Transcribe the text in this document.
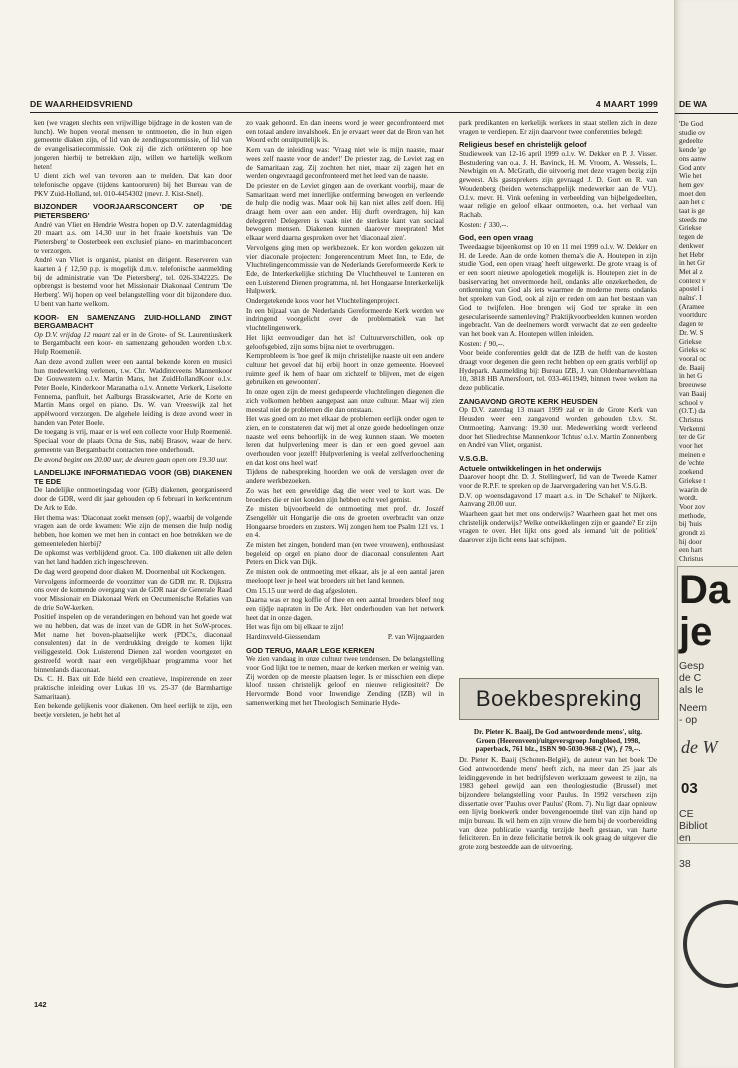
DE WAARHEIDSVRIEND	4 MAART 1999

ken (we vragen slechts een vrijwillige bijdrage in de kosten van de lunch). We hopen veoral mensen te ontmoeten, die in hun eigen gemeente diaken zijn, of lid van de zendingscommissie, of lid van de evangelisatiecommissie. Ook zij die zich oriënteren op hoe jongeren hierbij te betrekken zijn, willen we hartelijk welkom heten!

U dient zich wel van tevoren aan te melden. Dat kan door telefonische opgave (tijdens kantooruren) bij het Bureau van de PKV Zuid-Holland, tel. 010-4454302 (mevr. J. Kist-Snel).

BIJZONDER VOORJAARSCONCERT OP 'DE PIETERSBERG'

André van Vliet en Hendrie Westra hopen op D.V. zaterdagmiddag 20 maart a.s. om 14.30 uur in het fraaie koetshuis van 'De Pietersberg' te Oosterbeek een exclusief piano- en marimbaconcert te verzorgen.

André van Vliet is organist, pianist en dirigent. Reserveren van kaarten à ƒ 12,50 p.p. is mogelijk d.m.v. telefonische aanmelding bij de administratie van 'De Pietersberg', tel. 026-3342225. De opbrengst is bestemd voor het Missionair Diakonaal Centrum 'De Herberg'. Wij hopen op veel belangstelling voor dit bijzondere duo. U bent van harte welkom.

KOOR- EN SAMENZANG ZUID-HOLLAND ZINGT BERGAMBACHT

Op D.V. vrijdag 12 maart zal er in de Grote- of St. Laurentiuskerk te Bergambacht een koor- en samenzang gehouden worden t.b.v. Hulp Roemenië.

Aan deze avond zullen weer een aantal bekende koren en musici hun medewerking verlenen, t.w. Chr. Waddinxveens Mannenkoor De Gouwestem o.l.v. Martin Mans, het ZuidHollandKoor o.l.v. Peter Boele, Kinderkoor Maranatha o.l.v. Annette Verkerk, Liselotte Fennema, panfluit, het Aalburgs Brasskwartet, Arie de Korte en Martin Mans orgel en piano. Ds. W. van Vreeswijk zal het appèlwoord verzorgen. De algehele leiding is deze avond weer in handen van Peter Boele.

De toegang is vrij, maar er is wel een collecte voor Hulp Roemenië. Speciaal voor de plaats Ocna de Sus, nabij Brasov, waar de herv. gemeente van Bergambacht contacten mee onderhoudt.

De avond begint om 20.00 uur, de deuren gaan open om 19.30 uur.

LANDELIJKE INFORMATIEDAG VOOR (GB) DIAKENEN TE EDE

De landelijke ontmoetingsdag voor (GB) diakenen, georganiseerd door de GDR, werd dit jaar gehouden op 6 februari in kerkcentrum De Ark te Ede.

Het thema was: 'Diaconaat zoekt mensen (op)', waarbij de volgende vragen aan de orde kwamen: Wie zijn de mensen die hulp nodig hebben, hoe komen we met hen in contact en hoe betrekken we de gemeenteleden hierbij?

De opkomst was verblijdend groot. Ca. 100 diakenen uit alle delen van het land hadden zich ingeschreven.

De dag werd geopend door diaken M. Doornenbal uit Kockengen.

Vervolgens informeerde de voorzitter van de GDR mr. R. Dijkstra ons over de komende overgang van de GDR naar de Generale Raad voor Missionair en Diakonaal Werk en Oecumenische Relaties van de drie SoW-kerken.

Positief inspelen op de veranderingen en behoud van het goede wat we nu hebben, dat was de inzet van de GDR in het SoW-proces. Met name het boven-plaatselijke werk (PDC's, diaconaal consulenten) dat in de verdrukking dreigde te komen lijkt veiliggesteld. Ook Luisterend Dienen zal worden voortgezet en gestreefd wordt naar een vergelijkbaar programma voor het binnenlands diaconaat.

Ds. C. H. Bax uit Ede hield een creatieve, inspirerende en zeer praktische inleiding over Lukas 10 vs. 25-37 (de Barmhartige Samaritaan).

Een bekende gelijkenis voor diakenen. Om heel eerlijk te zijn, een beetje versleten, je hebt het al

zo vaak gehoord. En dan ineens word je weer geconfronteerd met een totaal andere invalshoek. En je ervaart weer dat de Bron van het Woord echt onuitputtelijk is.

Kern van de inleiding was: 'Vraag niet wie is mijn naaste, maar wees zelf naaste voor de ander!' De priester zag, de Leviet zag en de Samaritaan zag. Zij zochten het niet, maar zij zagen het en werden ongevraagd geconfronteerd met het leed van de naaste.

De priester en de Leviet gingen aan de overkant voorbij, maar de Samaritaan werd met innerlijke ontferming bewogen en verleende de hulp die nodig was. Maar ook hij kan niet alles zelf doen. Hij draagt hem over aan een ander. Hij durft overdragen, hij kan delegeren! Delegeren is vaak niet de sterkste kant van sociaal bewogen mensen. Diakenen kunnen daarover meepraten! Met elkaar werd daarna gesproken over het 'diaconaal zien'.

Vervolgens ging men op werkbezoek. Er kon worden gekozen uit vier diaconale projecten: Jongerencentrum Meet Inn, te Ede, de Vluchtelingencommissie van de Nederlands Gereformeerde Kerk te Ede, de Interkerkelijke stichting De Vluchtheuvel te Lunteren en een Luisterend Dienen programma, nl. het Hongaarse Interkerkelijk Hulpwerk.

Ondergetekende koos voor het Vluchtelingenproject.

In een bijzaal van de Nederlands Gereformeerde Kerk werden we indringend voorgelicht over de problematiek van het vluchtelingenwerk.

Het lijkt eenvoudiger dan het is! Cultuurverschillen, ook op geloofsgebied, zijn soms bijna niet te overbruggen.

Kernprobleem is 'hoe geef ik mijn christelijke naaste uit een andere cultuur het gevoel dat hij erbij hoort in onze gemeente. Hoeveel ruimte geef ik hem of haar om zichzelf te blijven, met de eigen gebruiken en gewoonten'.

In onze ogen zijn de meest gedupeerde vluchtelingen diegenen die zich volkomen hebben aangepast aan onze cultuur. Maar wij zien meestal niet de problemen die dan ontstaan.

Het was goed om zo met elkaar de problemen eerlijk onder ogen te zien, en te constateren dat wij met al onze goede bedoelingen onze naaste wel eens behoorlijk in de weg kunnen staan. We moeten leren dat hulpverlening meer is dan er een goed gevoel aan overhouden voor jezelf! Hulpverlening is veelal zelfverloochening en dat kost ons heel wat!

Tijdens de nabespreking hoorden we ook de verslagen over de andere werkbezoeken.

Zo was het een geweldige dag die weer veel te kort was. De broeders die er niet konden zijn hebben echt veel gemist.

Ze misten bijvoorbeeld de ontmoeting met prof. dr. Joszéf Zsengellér uit Hongarije die ons de groeten overbracht van onze Hongaarse broeders en zusters. Wij zongen hem toe Psalm 121 vs. 1 en 4.

Ze misten het zingen, honderd man (en twee vrouwen), enthousiast begeleid op orgel en piano door de diaconaal consulenten Aart Peters en Dick van Dijk.

Ze misten ook de ontmoeting met elkaar, als je al een aantal jaren meeloopt leer je heel wat broeders uit het land kennen.

Om 15.15 uur werd de dag afgesloten.

Daarna was er nog koffie of thee en een aantal broeders bleef nog een tijdje napraten in De Ark. Het onderhouden van het netwerk heet dat in onze dagen.

Het was fijn om bij elkaar te zijn!

Hardinxveld-Giessendam	P. van Wijngaarden
GOD TERUG, MAAR LEGE KERKEN

We zien vandaag in onze cultuur twee tendensen. De belangstelling voor God lijkt toe te nemen, maar de kerken merken er weinig van. Zij worden op de meeste plaatsen leger. Is er misschien een diepe kloof tussen christelijk geloof en nieuwe religiositeit? De Hervormde Bond voor Inwendige Zending (IZB) wil in samenwerking met het Theologisch Seminarie Hyde-

park predikanten en kerkelijk werkers in staat stellen zich in deze vragen te verdiepen. Er zijn daarvoor twee conferenties belegd:

Religieus besef en christelijk geloof

Studieweek van 12-16 april 1999 o.l.v. W. Dekker en P. J. Visser. Bestudering van o.a. J. H. Bavinck, H. M. Vroom, A. Wessels, L. Newbigin en A. McGrath, die uitvoerig met deze vragen bezig zijn geweest. Als gastsprekers zijn gevraagd J. D. Gort en R. van Woudenberg (beiden wetenschappelijk medewerker aan de VU). O.l.v. mevr. H. Vink oefening in verbeelding van bijbelgedeelten, waar religie en geloof elkaar ontmoeten, o.a. het verhaal van Rachab.

Kosten: ƒ 330,--.

God, een open vraag

Tweedaagse bijeenkomst op 10 en 11 mei 1999 o.l.v. W. Dekker en H. de Leede. Aan de orde komen thema's die A. Houtepen in zijn studie 'God, een open vraag' heeft uitgewerkt. De grote vraag is of er een soort nieuwe apologetiek mogelijk is. Houtepen ziet in de basiservaring het onvermoede heil, ondanks alle onzekerheden, de ontkenning van God als iets waarmee de moderne mens ondanks het spreken van God, ook al zijn er reden om aan het bestaan van God te twijfelen. Hoe brengen wij God ter sprake in een geseculariseerde samenleving? Praktijkvoorbeelden kunnen worden ingebracht. Van de deelnemers wordt verwacht dat ze een gedeelte van het boek van A. Houtepen willen inleiden.

Kosten: ƒ 90,--.

Voor beide conferenties geldt dat de IZB de helft van de kosten draagt voor degenen die geen recht hebben op een gratis verblijf op Hydepark. Aanmelding bij: Bureau IZB, J. van Oldenbarneveltlaan 10, 3818 HB Amersfoort, tel. 033-4611949, binnen twee weken na deze publicatie.

ZANGAVOND GROTE KERK HEUSDEN

Op D.V. zaterdag 13 maart 1999 zal er in de Grote Kerk van Heusden weer een zangavond worden gehouden t.b.v. St. Ontmoeting. Aanvang: 19.30 uur. Medewerking wordt verleend door het Sliedrechtse Mannenkoor 'Ichtus' o.l.v. Martin Zonnenberg en André van Vliet, organist.

V.S.G.B.
Actuele ontwikkelingen in het onderwijs

Daarover hoopt dhr. D. J. Stellingwerf, lid van de Tweede Kamer voor de R.P.F. te spreken op de Jaarvergadering van het V.S.G.B.

D.V. op woensdagavond 17 maart a.s. in 'De Schakel' te Nijkerk. Aanvang 20.00 uur.

Waarheen gaat het met ons onderwijs? Waarheen gaat het met ons christelijk onderwijs? Welke ontwikkelingen zijn er gaande? Er zijn vragen te over. Het lijkt ons goed als iemand 'uit de politiek' daarover zijn licht eens laat schijnen.

Boekbespreking

Dr. Pieter K. Baaij, De God antwoordende mens', uitg. Groen (Heerenveen)/uitgeversgroep Jongbloed, 1998, paperback, 761 blz., ISBN 90-5030-968-2 (W), ƒ 79,--.

Dr. Pieter K. Baaij (Schoten-België), de auteur van het boek 'De God antwoordende mens' heeft zich, na meer dan 25 jaar als leidinggevende in het bedrijfsleven werkzaam geweest te zijn, na 1983 geheel gewijd aan een theologiestudie (Brussel) met bijzondere belangstelling voor Paulus. In 1992 verscheen zijn dissertatie over 'Paulus over Paulus' (Rom. 7). Nu ligt daar opnieuw een lijvig boekwerk onder bovengenoemde titel van zijn hand op mijn bureau. Ik wil hem en zijn vrouw die hem bij de voorbereiding van deze publicatie vaardig terzijde heeft gestaan, van harte feliciteren. En in deze felicitatie betrek ik ook graag de uitgever die grote zorg besteedde aan de uitvoering.

142
DE WA
'De God
studie ov
gedeelte
kende 'ge
ons aanw
God antv
Wie het
hem gev
moet den
aan het c
taat is ge
steeds me
Griekse
tegen de
denkwer
het Hebr
in het Gr
Met al z
context v
apostel i
naïns'. I
(Aramee
voortdurc
dagen te
Dr. W. S
Griekse
Grieks sc
vooral oc
de. Baaij
in het G
breeuwse
van Baaij
school v
(O.T.) da
Christus
Verkenni
ter de Gr
voor het
meinen e
de 'echte
zoekend
Griekse t
waarin de
wordt.
Voor zov
methode,
bij 'huis
grondt zi
hij door
een hart
Christus
Da
je
Gesp
de C
als le
Neem
- op
de W
03
CE
Bibliot
en
38
